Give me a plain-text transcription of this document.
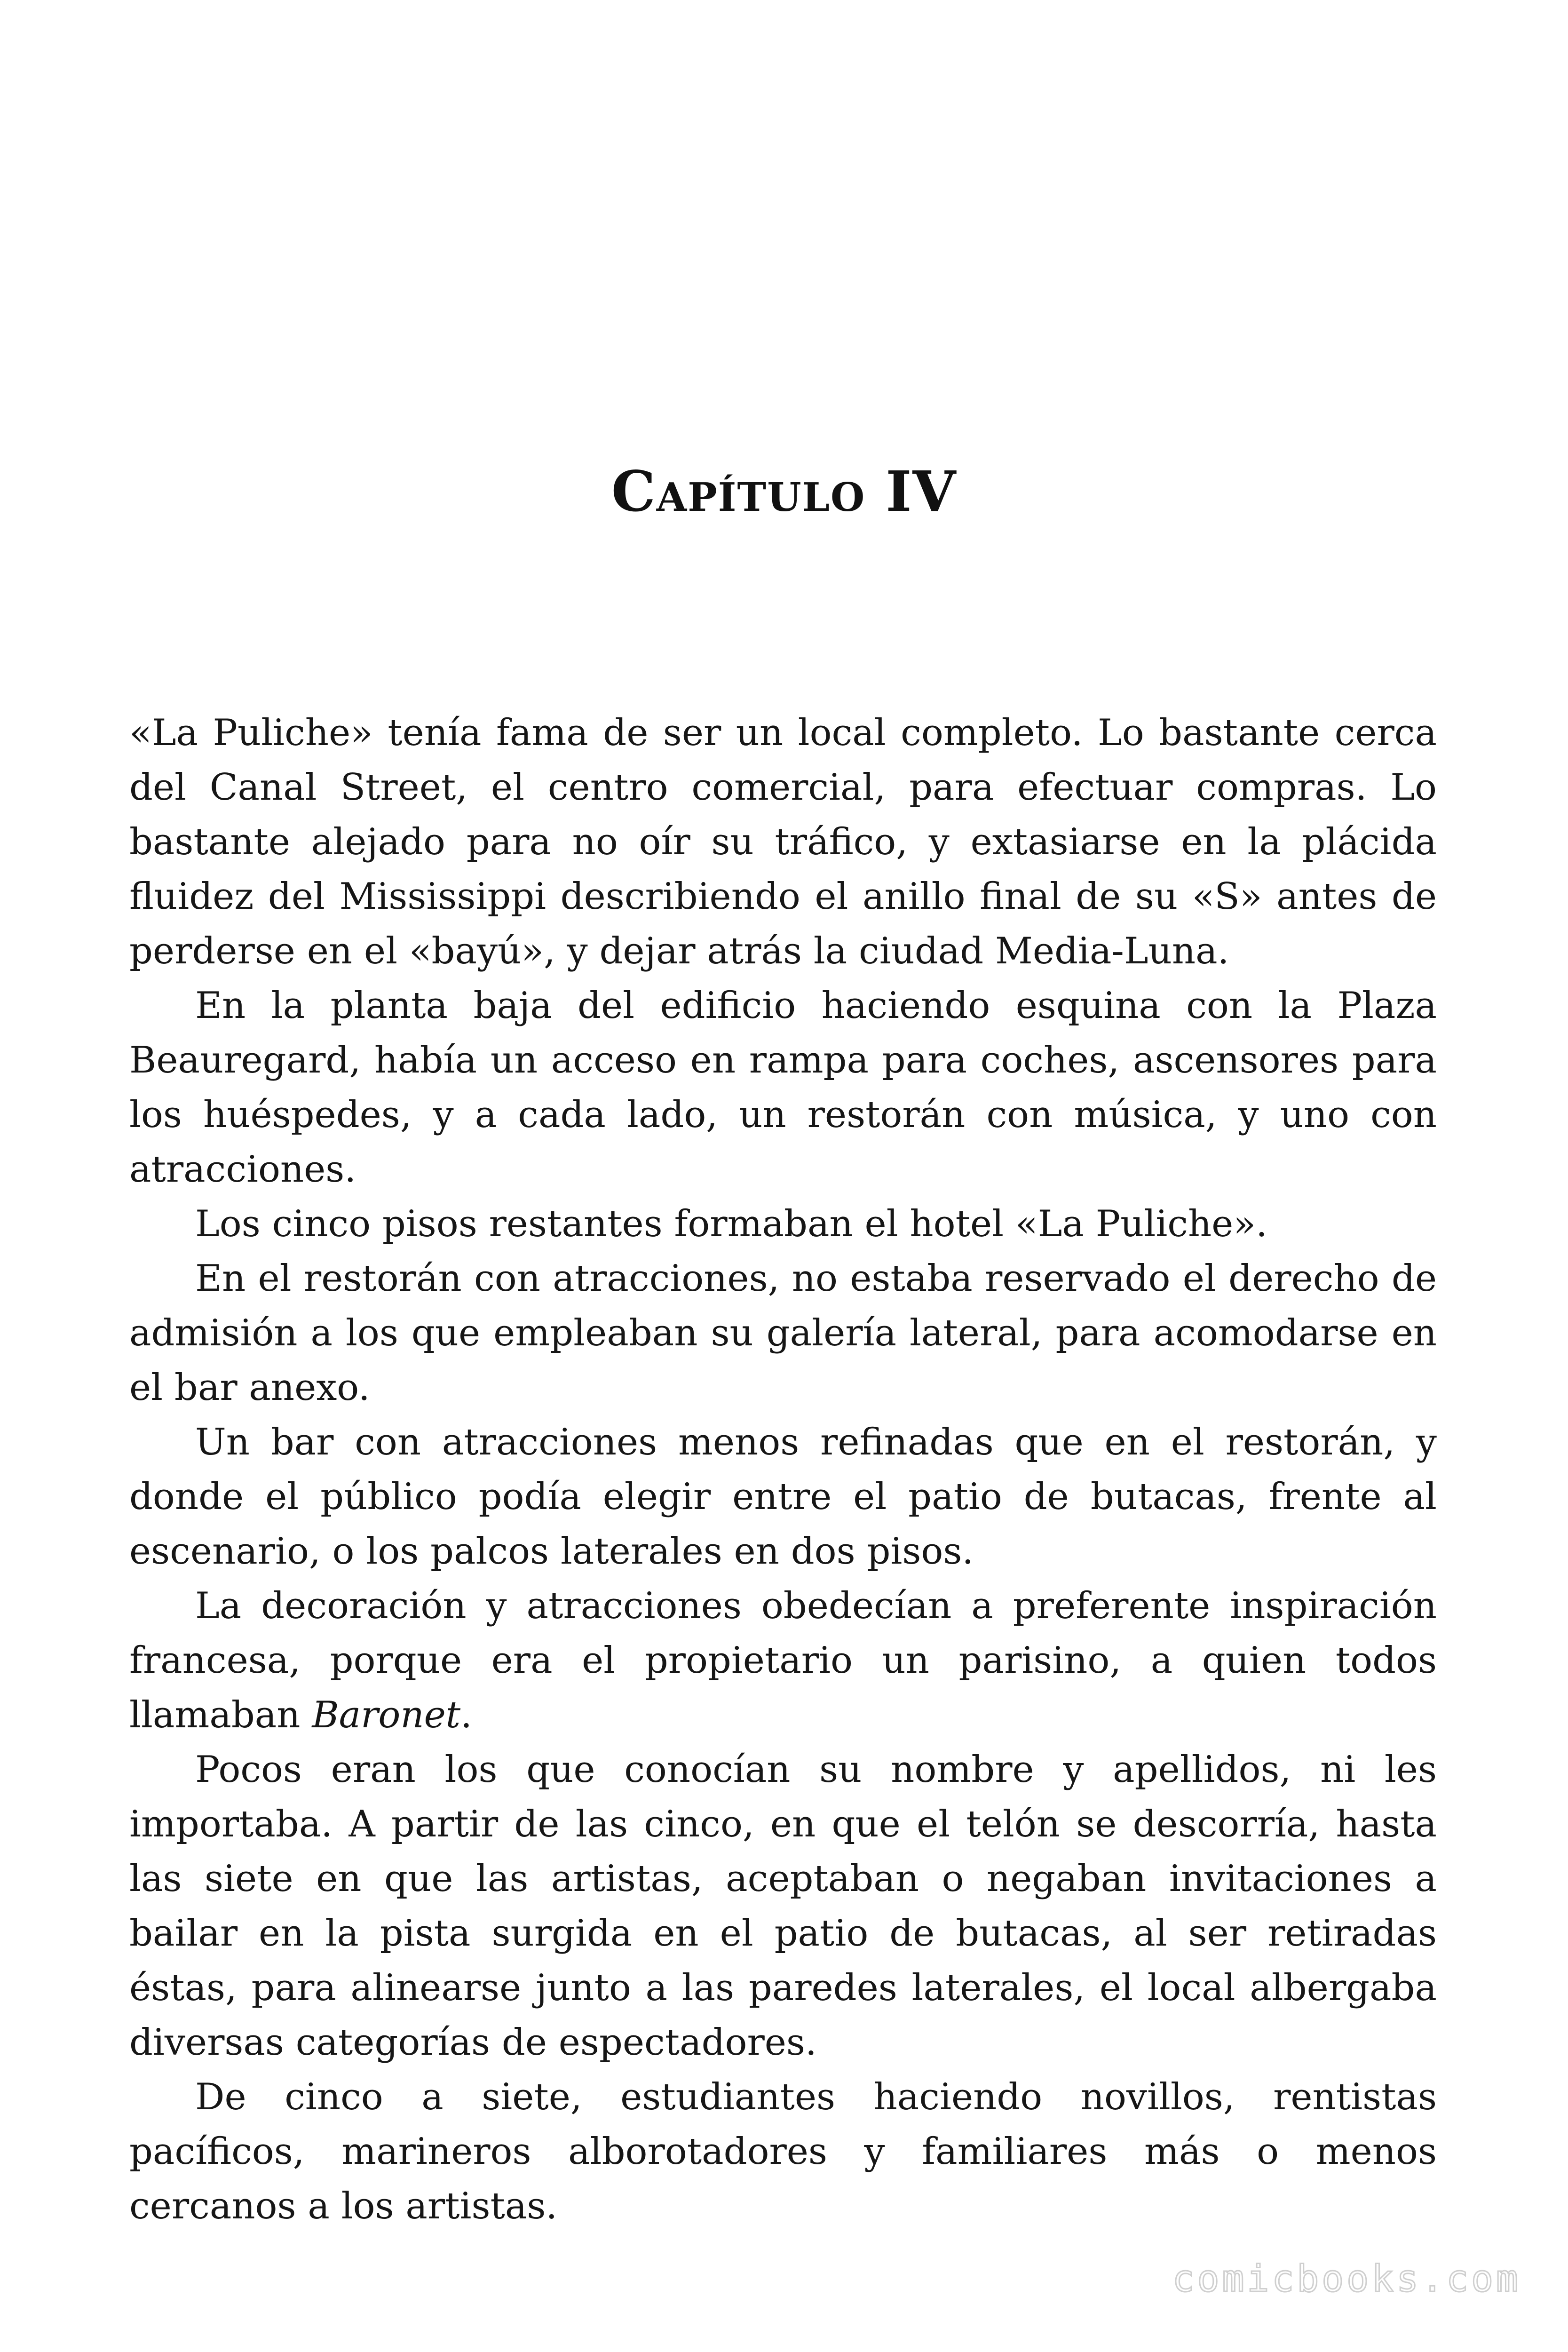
Capítulo IV

«La Puliche» tenía fama de ser un local completo. Lo bastante cerca del Canal Street, el centro comercial, para efectuar compras. Lo bastante alejado para no oír su tráfico, y extasiarse en la plácida fluidez del Mississippi describiendo el anillo final de su «S» antes de perderse en el «bayú», y dejar atrás la ciudad Media-Luna.

En la planta baja del edificio haciendo esquina con la Plaza Beauregard, había un acceso en rampa para coches, ascensores para los huéspedes, y a cada lado, un restorán con música, y uno con atracciones.

Los cinco pisos restantes formaban el hotel «La Puliche».

En el restorán con atracciones, no estaba reservado el derecho de admisión a los que empleaban su galería lateral, para acomodarse en el bar anexo.

Un bar con atracciones menos refinadas que en el restorán, y donde el público podía elegir entre el patio de butacas, frente al escenario, o los palcos laterales en dos pisos.

La decoración y atracciones obedecían a preferente inspiración francesa, porque era el propietario un parisino, a quien todos llamaban Baronet.

Pocos eran los que conocían su nombre y apellidos, ni les importaba. A partir de las cinco, en que el telón se descorría, hasta las siete en que las artistas, aceptaban o negaban invitaciones a bailar en la pista surgida en el patio de butacas, al ser retiradas éstas, para alinearse junto a las paredes laterales, el local albergaba diversas categorías de espectadores.

De cinco a siete, estudiantes haciendo novillos, rentistas pacíficos, marineros alborotadores y familiares más o menos cercanos a los artistas.

comicbooks.com
